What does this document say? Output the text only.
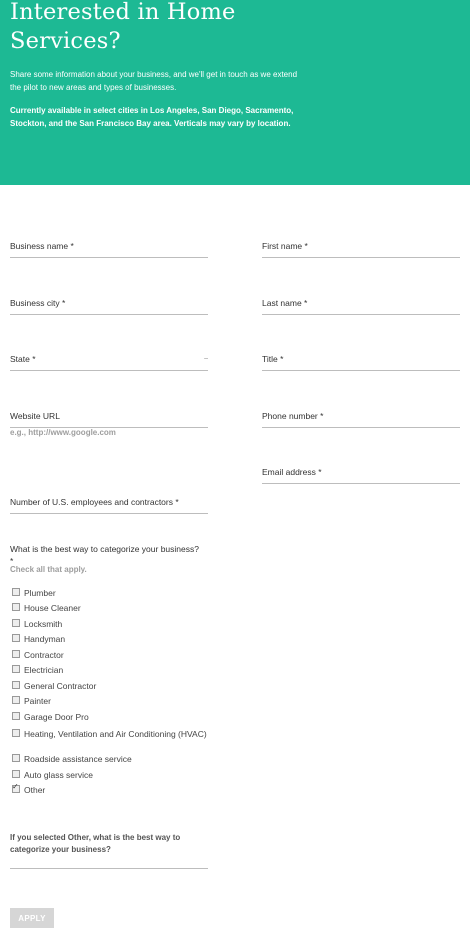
Interested in Home Services?

Share some information about your business, and we'll get in touch as we extend the pilot to new areas and types of businesses.

Currently available in select cities in Los Angeles, San Diego, Sacramento, Stockton, and the San Francisco Bay area. Verticals may vary by location.

Business name *
Business city *
State *	‒
Website URL
e.g., http://www.google.com
Number of U.S. employees and contractors *
First name *
Last name *
Title *
Phone number *
Email address *
What is the best way to categorize your business?
*
Check all that apply.
Plumber
House Cleaner
Locksmith
Handyman
Contractor
Electrician
General Contractor
Painter
Garage Door Pro
Heating, Ventilation and Air Conditioning (HVAC)
Roadside assistance service
Auto glass service
✓Other
If you selected Other, what is the best way to categorize your business?
APPLY
